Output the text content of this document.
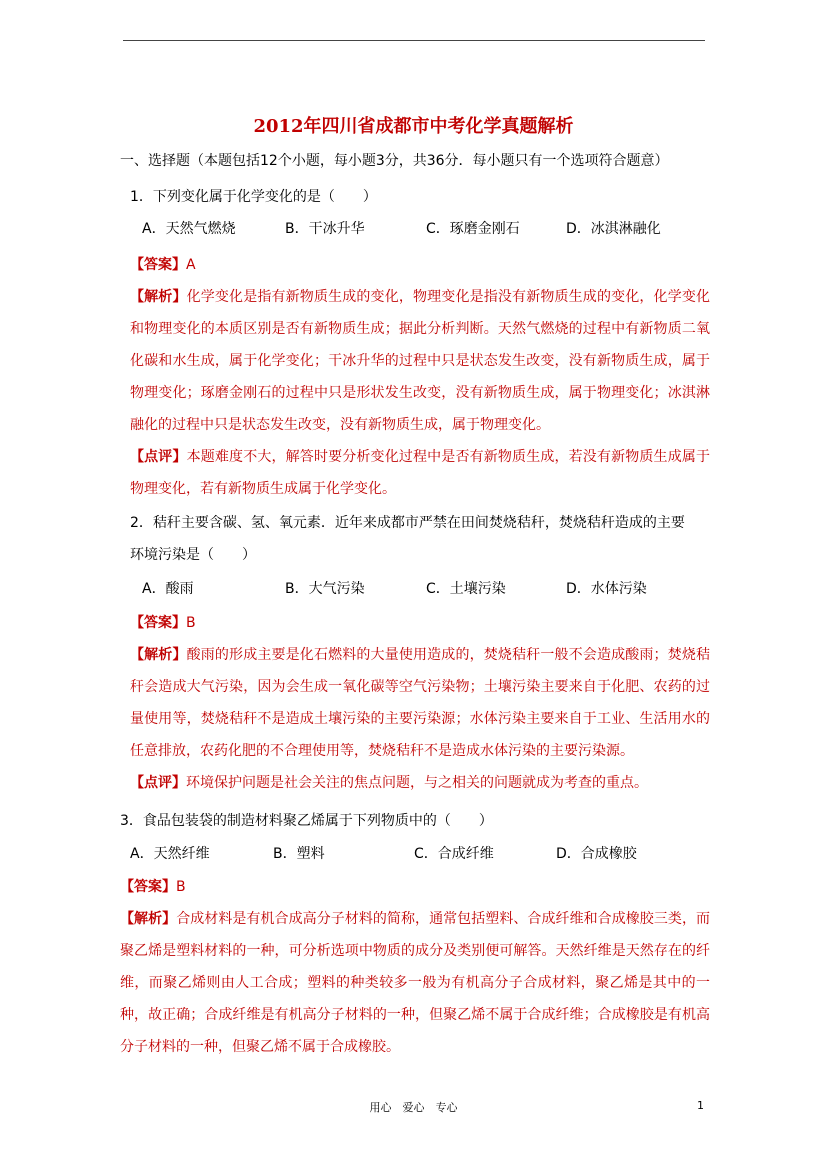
2012年四川省成都市中考化学真题解析
一、选择题（本题包括12个小题，每小题3分，共36分．每小题只有一个选项符合题意）
1．下列变化属于化学变化的是（　　）
A．天然气燃烧	B．干冰升华	C．琢磨金刚石	D．冰淇淋融化
【答案】A
【解析】化学变化是指有新物质生成的变化，物理变化是指没有新物质生成的变化，化学变化和物理变化的本质区别是否有新物质生成；据此分析判断。天然气燃烧的过程中有新物质二氧化碳和水生成，属于化学变化；干冰升华的过程中只是状态发生改变，没有新物质生成，属于物理变化；琢磨金刚石的过程中只是形状发生改变，没有新物质生成，属于物理变化；冰淇淋融化的过程中只是状态发生改变，没有新物质生成，属于物理变化。
【点评】本题难度不大，解答时要分析变化过程中是否有新物质生成，若没有新物质生成属于物理变化，若有新物质生成属于化学变化。
2．秸秆主要含碳、氢、氧元素．近年来成都市严禁在田间焚烧秸秆，焚烧秸秆造成的主要
环境污染是（　　）
A．酸雨	B．大气污染	C．土壤污染	D．水体污染
【答案】B
【解析】酸雨的形成主要是化石燃料的大量使用造成的，焚烧秸秆一般不会造成酸雨；焚烧秸秆会造成大气污染，因为会生成一氧化碳等空气污染物；土壤污染主要来自于化肥、农药的过量使用等，焚烧秸秆不是造成土壤污染的主要污染源；水体污染主要来自于工业、生活用水的任意排放，农药化肥的不合理使用等，焚烧秸秆不是造成水体污染的主要污染源。
【点评】环境保护问题是社会关注的焦点问题，与之相关的问题就成为考查的重点。
3．食品包装袋的制造材料聚乙烯属于下列物质中的（　　）
A．天然纤维	B．塑料	C．合成纤维	D．合成橡胶
【答案】B
【解析】合成材料是有机合成高分子材料的简称，通常包括塑料、合成纤维和合成橡胶三类，而聚乙烯是塑料材料的一种，可分析选项中物质的成分及类别便可解答。天然纤维是天然存在的纤维，而聚乙烯则由人工合成；塑料的种类较多一般为有机高分子合成材料，聚乙烯是其中的一种，故正确；合成纤维是有机高分子材料的一种，但聚乙烯不属于合成纤维；合成橡胶是有机高分子材料的一种，但聚乙烯不属于合成橡胶。
用心　爱心　专心	1
